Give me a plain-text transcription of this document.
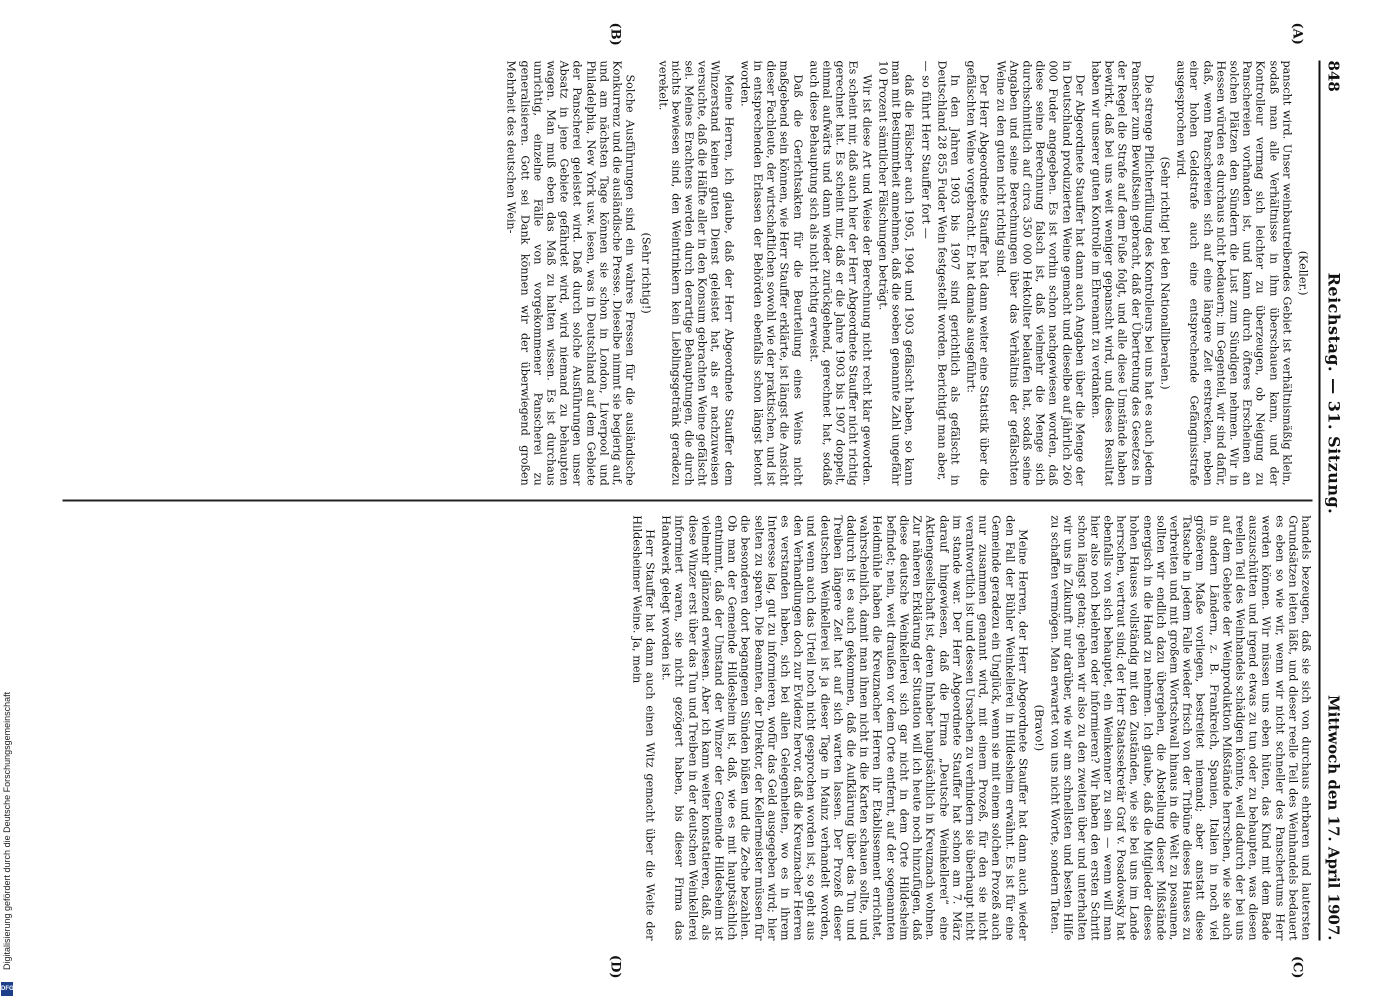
848
Reichstag. — 31. Sitzung.
Mittwoch den 17. April 1907.
(A)
(B)
(C)
(D)

(Keller.)

panscht wird. Unser weinbautreibendes Gebiet ist verhältnismäßig klein, sodaß man alle Verhältnisse in ihm überschauen kann, und der Kontrolleur vermag sich leichter zu überzeugen, ob Neigung zu Panschereien vorhanden ist, und kann durch öfteres Erscheinen an solchen Plätzen den Sündern die Lust zum Sündigen nehmen. Wir in Hessen würden es durchaus nicht bedauern; im Gegenteil, wir sind dafür, daß, wenn Panschereien sich auf eine längere Zeit erstrecken, neben einer hohen Geldstrafe auch eine entsprechende Gefängnisstrafe ausgesprochen wird.

(Sehr richtig! bei den Nationalliberalen.)

Die strenge Pflichterfüllung des Kontrolleurs bei uns hat es auch jedem Panscher zum Bewußtsein gebracht, daß der Übertretung des Gesetzes in der Regel die Strafe auf dem Fuße folgt, und alle diese Umstände haben bewirkt, daß bei uns weit weniger gepanscht wird, und dieses Resultat haben wir unserer guten Kontrolle im Ehrenamt zu verdanken.

Der Abgeordnete Stauffer hat dann auch Angaben über die Menge der in Deutschland produzierten Weine gemacht und dieselbe auf jährlich 260 000 Fuder angegeben. Es ist vorhin schon nachgewiesen worden, daß diese seine Berechnung falsch ist, daß vielmehr die Menge sich durchschnittlich auf circa 350 000 Hektoliter belaufen hat, sodaß seine Angaben und seine Berechnungen über das Verhältnis der gefälschten Weine zu den guten nicht richtig sind.

Der Herr Abgeordnete Stauffer hat dann weiter eine Statistik über die gefälschten Weine vorgebracht. Er hat damals ausgeführt:

In den Jahren 1903 bis 1907 sind gerichtlich als gefälscht in Deutschland 28 855 Fuder Wein festgestellt worden. Berichtigt man aber,

— so führt Herr Stauffer fort —

daß die Fälscher auch 1905, 1904 und 1903 gefälscht haben, so kann man mit Bestimmtheit annehmen, daß die soeben genannte Zahl ungefähr 10 Prozent sämtlicher Fälschungen beträgt.

Wir ist diese Art und Weise der Berechnung nicht recht klar geworden. Es scheint mir, daß auch hier der Herr Abgeordnete Stauffer nicht richtig gerechnet hat. Es scheint mir, daß er die Jahre 1903 bis 1907 doppelt, einmal aufwärts und dann wieder zurückgehend, gerechnet hat, sodaß auch diese Behauptung sich als nicht richtig erweist.

Daß die Gerichtsakten für die Beurteilung eines Weins nicht maßgebend sein können, wie Herr Stauffer erklärte, ist längst die Ansicht dieser Fachleute, der wirtschaftlichen sowohl wie der praktischen, und ist in entsprechenden Erlassen der Behörden ebenfalls schon längst betont worden.

Meine Herren, ich glaube, daß der Herr Abgeordnete Stauffer dem Winzerstand keinen guten Dienst geleistet hat, als er nachzuweisen versuchte, daß die Hälfte aller in den Konsum gebrachten Weine gefälscht sei. Meines Erachtens werden durch derartige Behauptungen, die durch nichts bewiesen sind, den Weintrinkern kein Lieblingsgetränk geradezu verekelt.

(Sehr richtig!)

Solche Ausführungen sind ein wahres Fressen für die ausländische Konkurrenz und die ausländische Presse. Dieselbe nimmt sie begierig auf, und am nächsten Tage können sie schon in London, Liverpool und Philadelphia, New York usw. lesen, was in Deutschland auf dem Gebiete der Panscherei geleistet wird. Daß durch solche Ausführungen unser Absatz in jene Gebiete gefährdet wird, wird niemand zu behaupten wagen. Man muß eben das Maß zu halten wissen. Es ist durchaus unrichtig, einzelne Fälle von vorgekommener Panscherei zu generalisieren. Gott sei Dank können wir der überwiegend großen Mehrheit des deutschen Wein-

handels bezeugen, daß sie sich von durchaus ehrbaren und lautersten Grundsätzen leiten läßt, und dieser reelle Teil des Weinhandels bedauert es eben so wie wir, wenn wir nicht schneller des Panschertums Herr werden können. Wir müssen uns eben hüten, das Kind mit dem Bade auszuschütten und irgend etwas zu tun oder zu behaupten, was diesen reellen Teil des Weinhandels schädigen könnte, weil dadurch der bei uns auf dem Gebiete der Weinproduktion Mißstände herrschen, wie sie auch in andern Ländern, z. B. Frankreich, Spanien, Italien in noch viel größerem Maße vorliegen, bestreitet niemand; aber anstatt diese Tatsache in jedem Falle wieder frisch von der Tribüne dieses Hauses zu verbreiten und mit großem Wortschwall hinaus in die Welt zu posaunen, sollten wir endlich dazu übergehen, die Abstellung dieser Mißstände energisch in die Hand zu nehmen. Ich glaube, daß die Mitglieder dieses hohen Hauses vollständig mit den Zuständen, wie sie bei uns im Lande herrschen, vertraut sind; der Herr Staatssekretär Graf v. Posadowsky hat ebenfalls von sich behauptet, ein Weinkenner zu sein — wenn will man hier also noch belehren oder informieren? Wir haben den ersten Schritt schon längst getan; gehen wir also zu den zweiten über und unterhalten wir uns in Zukunft nur darüber, wie wir am schnellsten und besten Hilfe zu schaffen vermögen. Man erwartet von uns nicht Worte, sondern Taten.

(Bravo!)

Meine Herren, der Herr Abgeordnete Stauffer hat dann auch wieder den Fall der Bühler Weinkellerei in Hildesheim erwähnt. Es ist für eine Gemeinde geradezu ein Unglück, wenn sie mit einem solchen Prozeß auch nur zusammen genannt wird, mit einem Prozeß, für den sie nicht verantwortlich ist und dessen Ursachen zu verhindern sie überhaupt nicht im stande war. Der Herr Abgeordnete Stauffer hat schon am 7. März darauf hingewiesen, daß die Firma „Deutsche Weinkellerei“ eine Aktiengesellschaft ist, deren Inhaber hauptsächlich in Kreuznach wohnen. Zur näheren Erklärung der Situation will ich heute noch hinzufügen, daß diese deutsche Weinkellerei sich gar nicht in dem Orte Hildesheim befindet; nein, weit draußen vor dem Orte entfernt, auf der sogenannten Heidmühle haben die Kreuznacher Herren ihr Etablissement errichtet, wahrscheinlich, damit man ihnen nicht in die Karten schauen sollte, und dadurch ist es auch gekommen, daß die Aufklärung über das Tun und Treiben längere Zeit hat auf sich warten lassen. Der Prozeß dieser deutschen Weinkellerei ist ja dieser Tage in Mainz verhandelt worden, und wenn auch das Urteil noch nicht gesprochen worden ist, so geht aus den Verhandlungen doch zur Evidenz hervor, daß die Kreuznacher Herren es verstanden haben, sich bei allen Gelegenheiten, wo es in ihrem Interesse lag, gut zu informieren, wofür das Geld ausgegeben wird; hier selten zu sparen. Die Beamten, der Direktor, der Kellermeister müssen für die besonderen dort begangenen Sünden büßen und die Zeche bezahlen. Ob man der Gemeinde Hildesheim ist, daß, wie es mit hauptsächlich entnimmt, daß der Umstand der Winzer der Gemeinde Hildesheim ist vielmehr glänzend erwiesen. Aber ich kann weiter konstatieren, daß, als diese Winzer erst über das Tun und Treiben in der deutschen Weinkellerei informiert waren, sie nicht gezögert haben, bis dieser Firma das Handwerk gelegt worden ist.

Herr Stauffer hat dann auch einen Witz gemacht über die Weite der Hildesheimer Weine. Ja, mein

Digitalisierung gefördert durch die Deutsche Forschungsgemeinschaft
DFG
